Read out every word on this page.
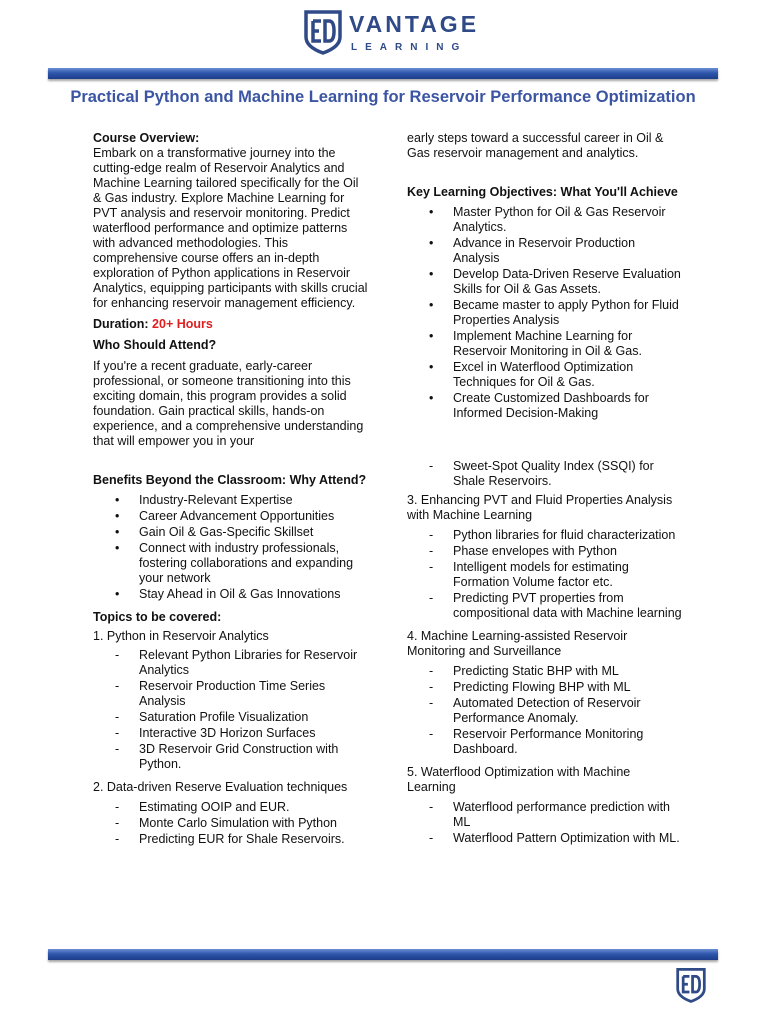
VANTAGE
LEARNING
Practical Python and Machine Learning for Reservoir Performance Optimization
Course Overview:

Embark on a transformative journey into the cutting-edge realm of Reservoir Analytics and Machine Learning tailored specifically for the Oil & Gas industry. Explore Machine Learning for PVT analysis and reservoir monitoring. Predict waterflood performance and optimize patterns with advanced methodologies. This comprehensive course offers an in-depth exploration of Python applications in Reservoir Analytics, equipping participants with skills crucial for enhancing reservoir management efficiency.

Duration: 20+ Hours

Who Should Attend?

If you're a recent graduate, early-career professional, or someone transitioning into this exciting domain, this program provides a solid foundation. Gain practical skills, hands-on experience, and a comprehensive understanding that will empower you in your

Benefits Beyond the Classroom: Why Attend?
• Industry-Relevant Expertise
• Career Advancement Opportunities
• Gain Oil & Gas-Specific Skillset
• Connect with industry professionals, fostering collaborations and expanding your network
• Stay Ahead in Oil & Gas Innovations
Topics to be covered:
1. Python in Reservoir Analytics
- Relevant Python Libraries for Reservoir Analytics
- Reservoir Production Time Series Analysis
- Saturation Profile Visualization
- Interactive 3D Horizon Surfaces
- 3D Reservoir Grid Construction with Python.
2. Data-driven Reserve Evaluation techniques
- Estimating OOIP and EUR.
- Monte Carlo Simulation with Python
- Predicting EUR for Shale Reservoirs.

early steps toward a successful career in Oil & Gas reservoir management and analytics.

Key Learning Objectives: What You'll Achieve
• Master Python for Oil & Gas Reservoir Analytics.
• Advance in Reservoir Production Analysis
• Develop Data-Driven Reserve Evaluation Skills for Oil & Gas Assets.
• Became master to apply Python for Fluid Properties Analysis
• Implement Machine Learning for Reservoir Monitoring in Oil & Gas.
• Excel in Waterflood Optimization Techniques for Oil & Gas.
• Create Customized Dashboards for Informed Decision-Making
- Sweet-Spot Quality Index (SSQI) for Shale Reservoirs.
3. Enhancing PVT and Fluid Properties Analysis with Machine Learning
- Python libraries for fluid characterization
- Phase envelopes with Python
- Intelligent models for estimating Formation Volume factor etc.
- Predicting PVT properties from compositional data with Machine learning
4. Machine Learning-assisted Reservoir Monitoring and Surveillance
- Predicting Static BHP with ML
- Predicting Flowing BHP with ML
- Automated Detection of Reservoir Performance Anomaly.
- Reservoir Performance Monitoring Dashboard.
5. Waterflood Optimization with Machine Learning
- Waterflood performance prediction with ML
- Waterflood Pattern Optimization with ML.
